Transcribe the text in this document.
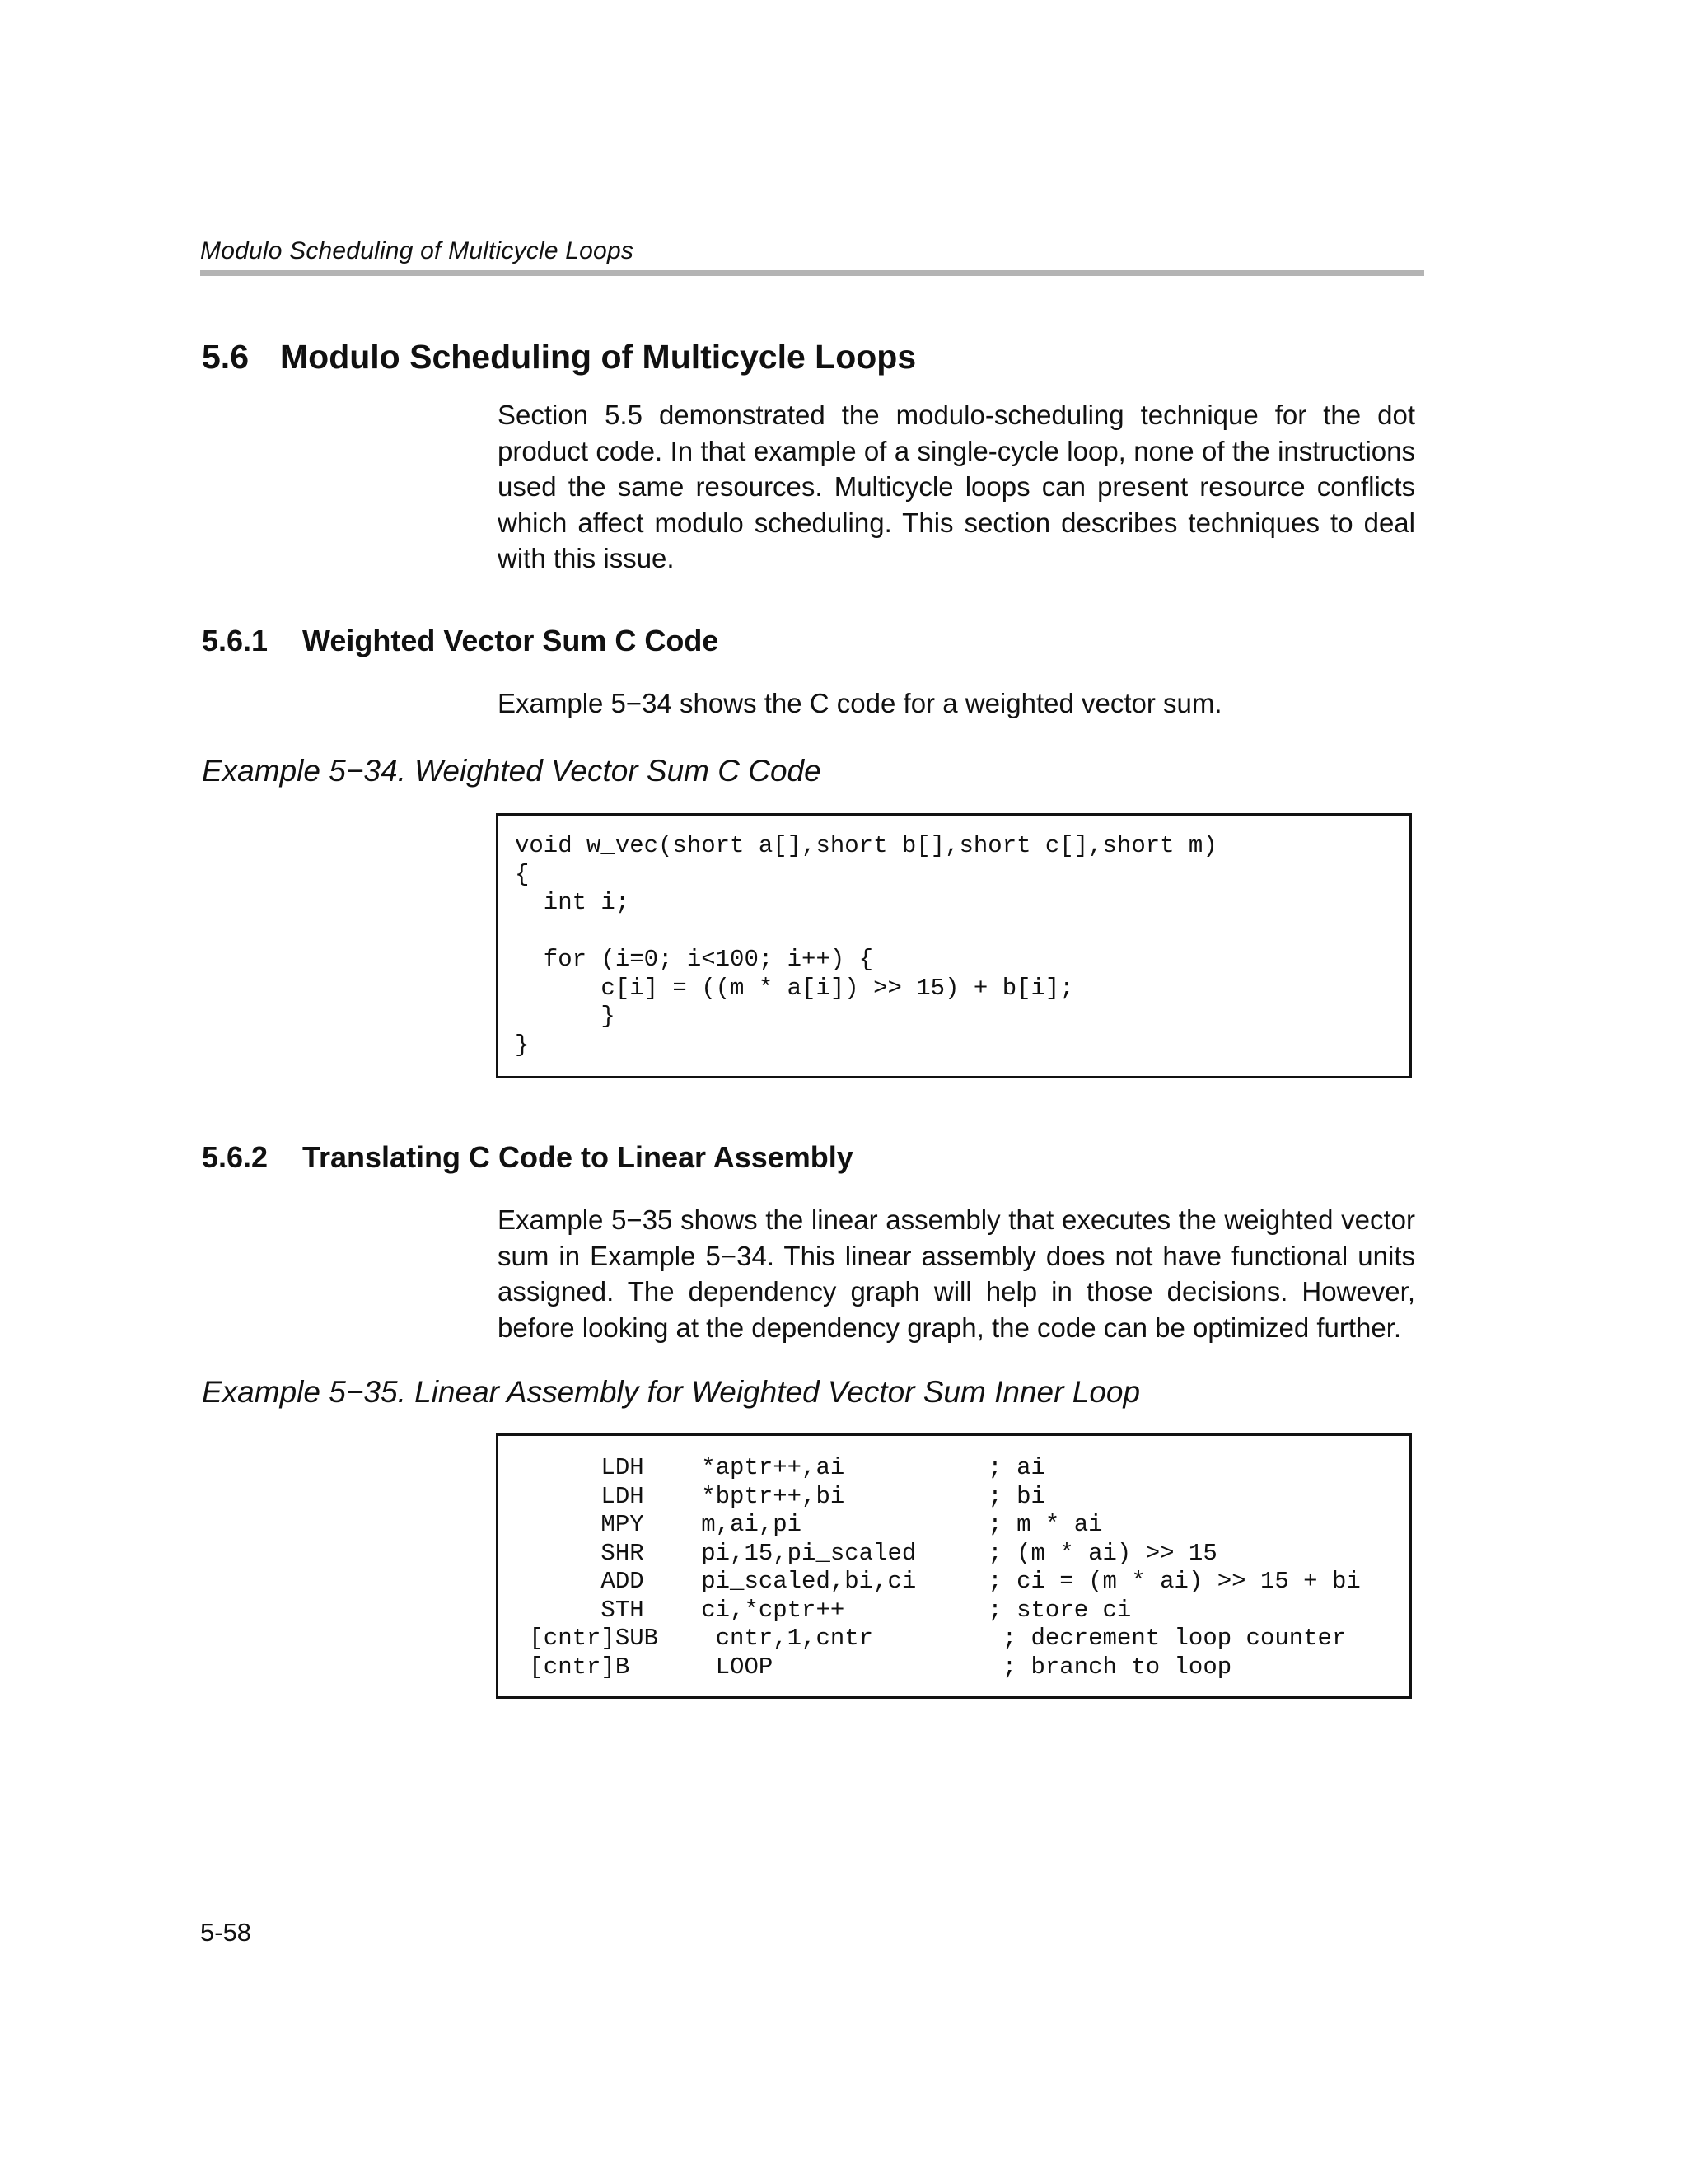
Modulo Scheduling of Multicycle Loops
5.6 Modulo Scheduling of Multicycle Loops
Section 5.5 demonstrated the modulo-scheduling technique for the dot product code. In that example of a single-cycle loop, none of the instructions used the same resources. Multicycle loops can present resource conflicts which affect modulo scheduling. This section describes techniques to deal with this issue.
5.6.1 Weighted Vector Sum C Code
Example 5−34 shows the C code for a weighted vector sum.
Example 5−34. Weighted Vector Sum C Code
void w_vec(short a[],short b[],short c[],short m)
{
int i;

for (i=0; i<100; i++) {
c[i] = ((m * a[i]) >> 15) + b[i];
}
}
5.6.2 Translating C Code to Linear Assembly
Example 5−35 shows the linear assembly that executes the weighted vector sum in Example 5−34. This linear assembly does not have functional units assigned. The dependency graph will help in those decisions. However, before looking at the dependency graph, the code can be optimized further.
Example 5−35. Linear Assembly for Weighted Vector Sum Inner Loop
LDH    *aptr++,ai          ; ai
LDH    *bptr++,bi          ; bi
MPY    m,ai,pi             ; m * ai
SHR    pi,15,pi_scaled     ; (m * ai) >> 15
ADD    pi_scaled,bi,ci     ; ci = (m * ai) >> 15 + bi
STH    ci,*cptr++          ; store ci
[cntr]SUB    cntr,1,cntr         ; decrement loop counter
[cntr]B      LOOP                ; branch to loop
5-58
